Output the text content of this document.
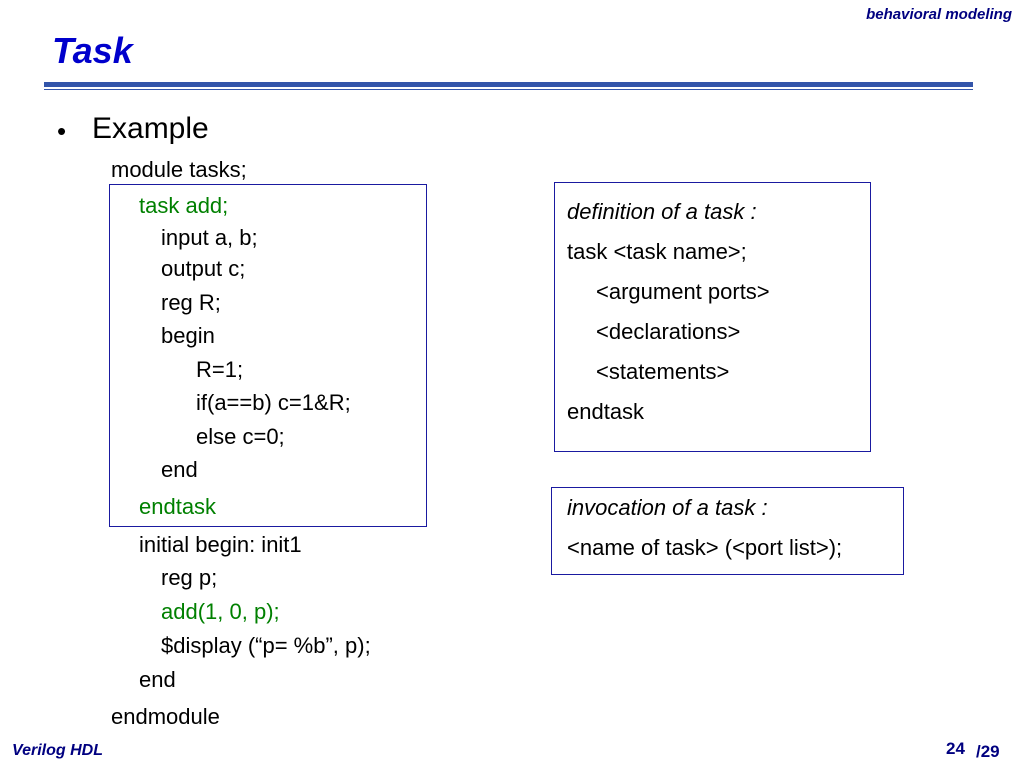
behavioral modeling
Task
• Example
module tasks;
task add;
input a, b;
output c;
reg R;
begin
R=1;
if(a==b) c=1&R;
else c=0;
end
endtask
initial begin: init1
reg p;
add(1, 0, p);
$display (“p= %b”, p);
end
endmodule
definition of a task :
task <task name>;
<argument ports>
<declarations>
<statements>
endtask
invocation of a task :
<name of task> (<port list>);
Verilog HDL	24 /29
